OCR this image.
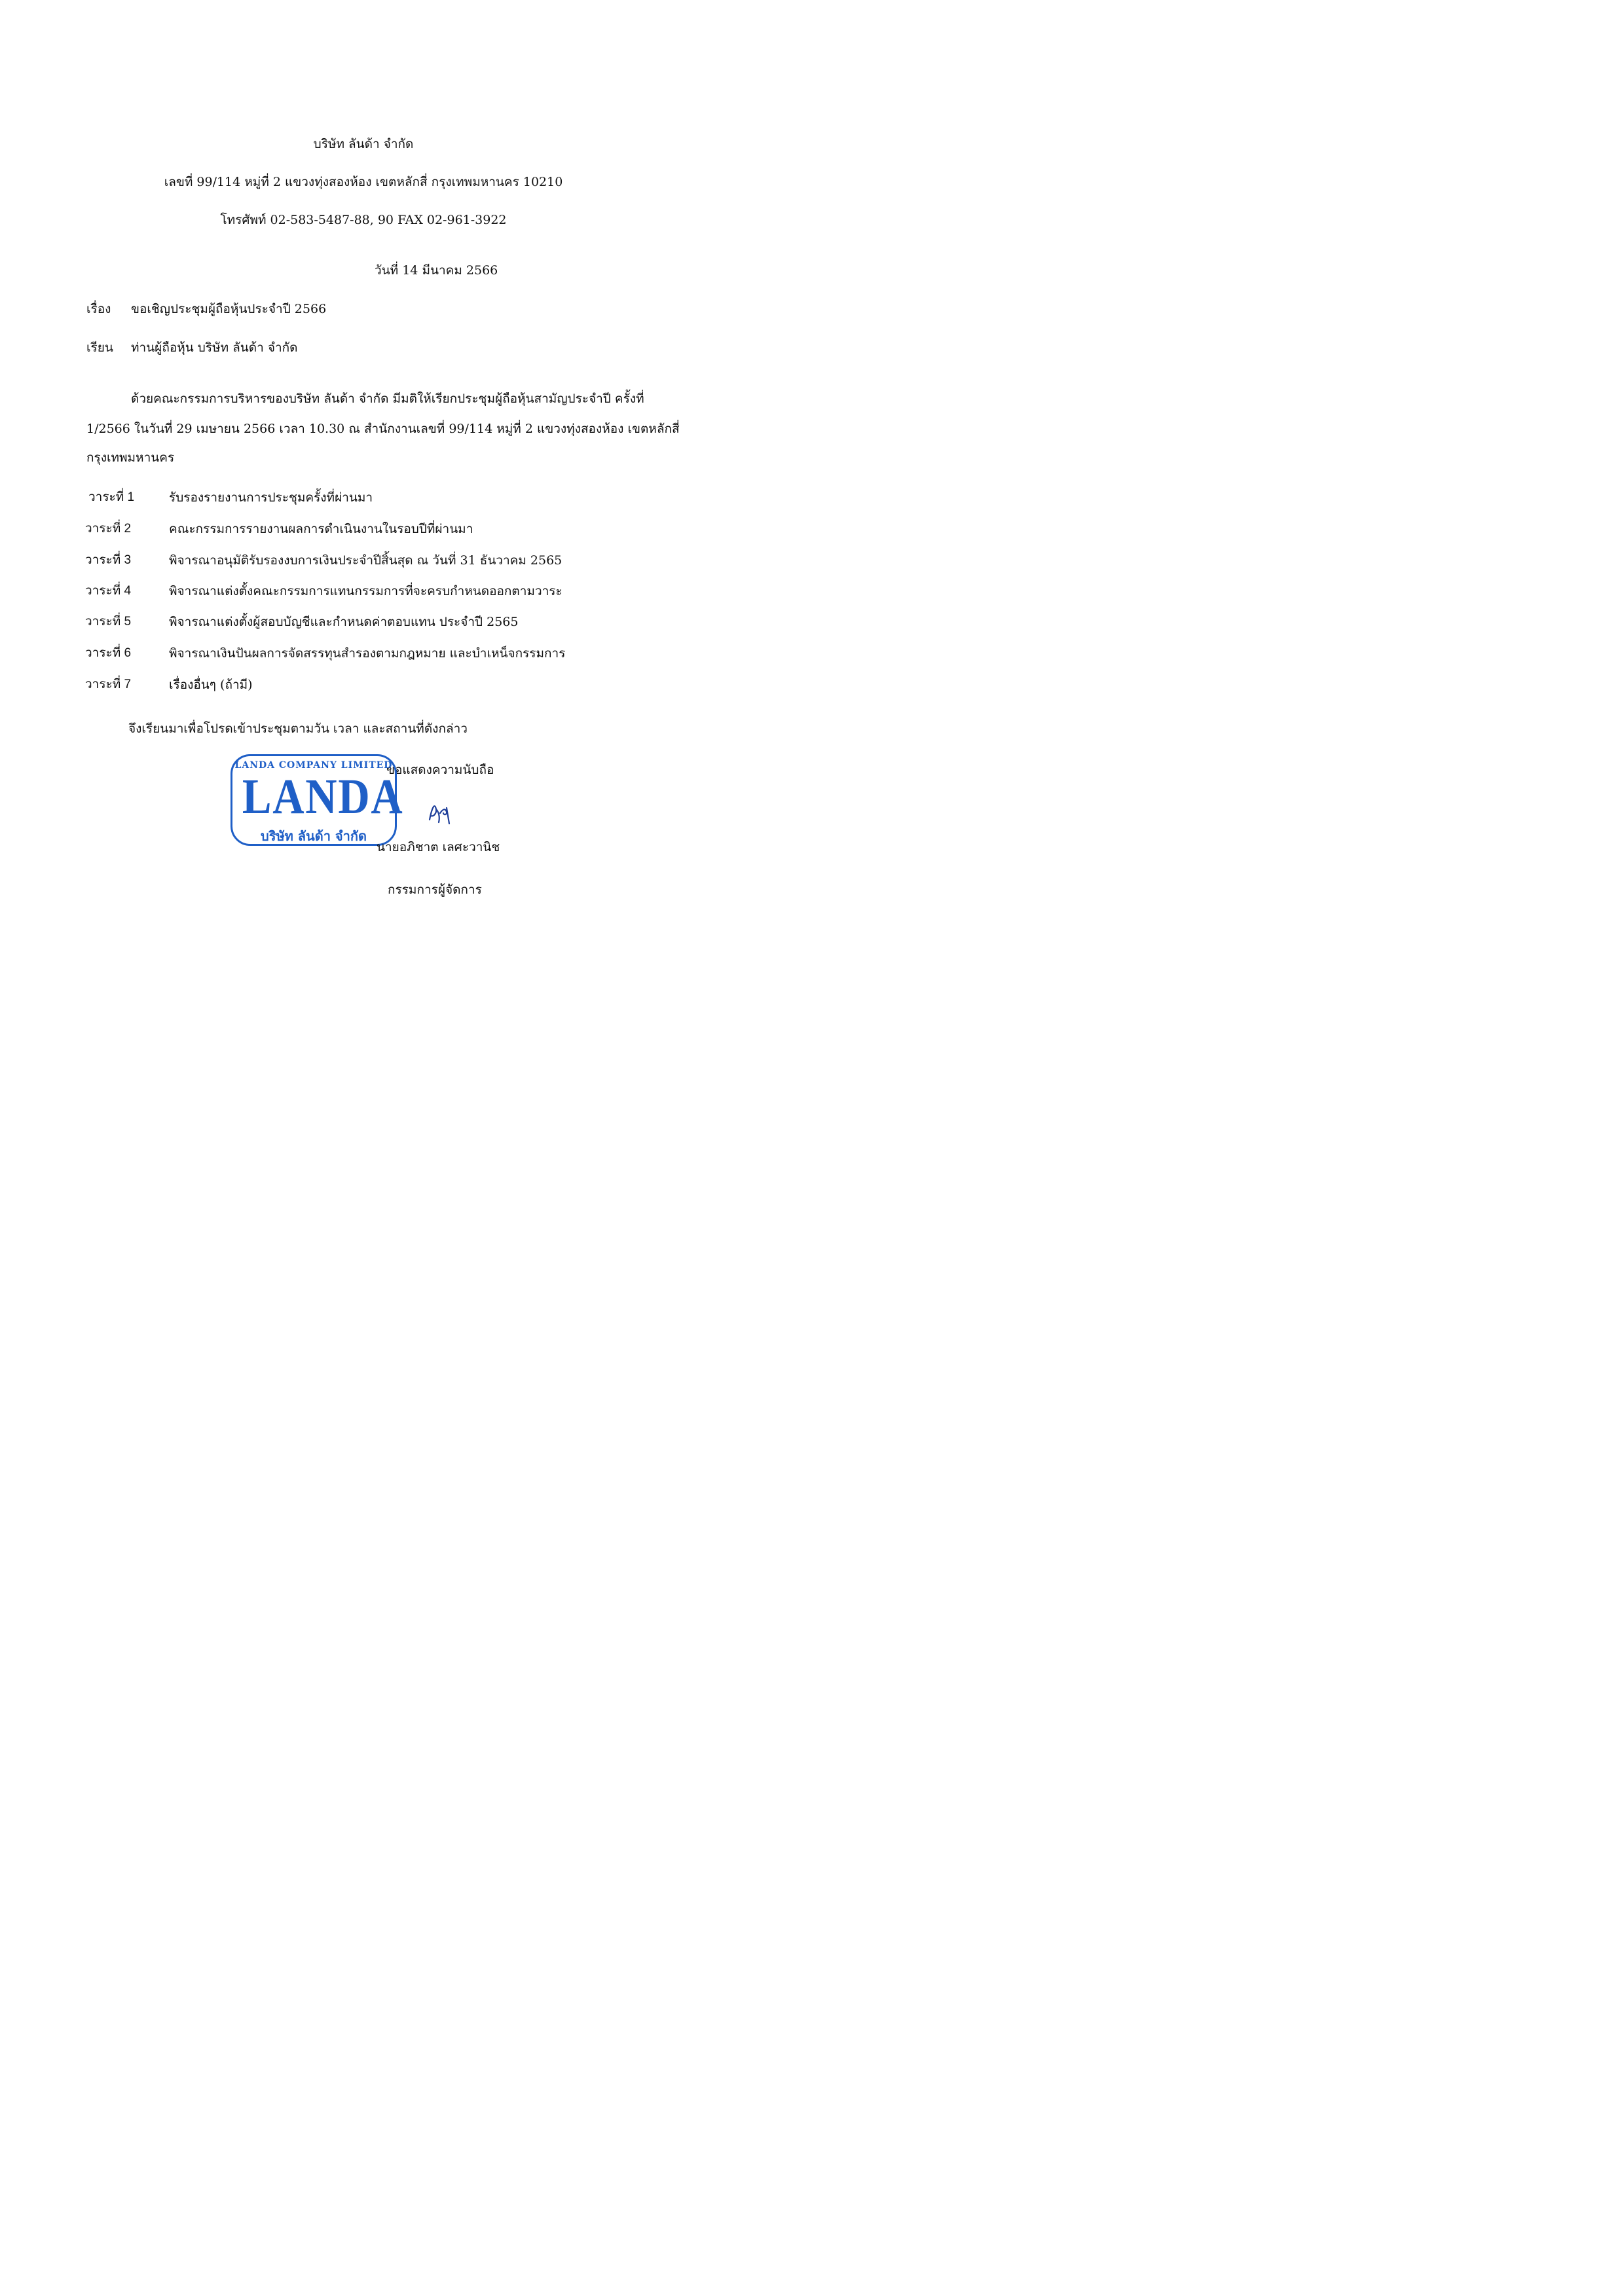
บริษัท ลันด้า จำกัด
เลขที่ 99/114 หมู่ที่ 2 แขวงทุ่งสองห้อง เขตหลักสี่ กรุงเทพมหานคร 10210
โทรศัพท์ 02-583-5487-88, 90 FAX 02-961-3922
วันที่ 14 มีนาคม 2566
เรื่อง ขอเชิญประชุมผู้ถือหุ้นประจำปี 2566
เรียน ท่านผู้ถือหุ้น บริษัท ลันด้า จำกัด
ด้วยคณะกรรมการบริหารของบริษัท ลันด้า จำกัด มีมติให้เรียกประชุมผู้ถือหุ้นสามัญประจำปี ครั้งที่
1/2566 ในวันที่ 29 เมษายน 2566 เวลา 10.30 ณ สำนักงานเลขที่ 99/114 หมู่ที่ 2 แขวงทุ่งสองห้อง เขตหลักสี่
กรุงเทพมหานคร
วาระที่ 1	รับรองรายงานการประชุมครั้งที่ผ่านมา
วาระที่ 2	คณะกรรมการรายงานผลการดำเนินงานในรอบปีที่ผ่านมา
วาระที่ 3	พิจารณาอนุมัติรับรองงบการเงินประจำปีสิ้นสุด ณ วันที่ 31 ธันวาคม 2565
วาระที่ 4	พิจารณาแต่งตั้งคณะกรรมการแทนกรรมการที่จะครบกำหนดออกตามวาระ
วาระที่ 5	พิจารณาแต่งตั้งผู้สอบบัญชีและกำหนดค่าตอบแทน ประจำปี 2565
วาระที่ 6	พิจารณาเงินปันผลการจัดสรรทุนสำรองตามกฎหมาย และบำเหน็จกรรมการ
วาระที่ 7	เรื่องอื่นๆ (ถ้ามี)
จึงเรียนมาเพื่อโปรดเข้าประชุมตามวัน เวลา และสถานที่ดังกล่าว
ขอแสดงความนับถือ
LANDA COMPANY LIMITED
LANDA
บริษัท ลันด้า จำกัด
นายอภิชาต เลศะวานิช
กรรมการผู้จัดการ
